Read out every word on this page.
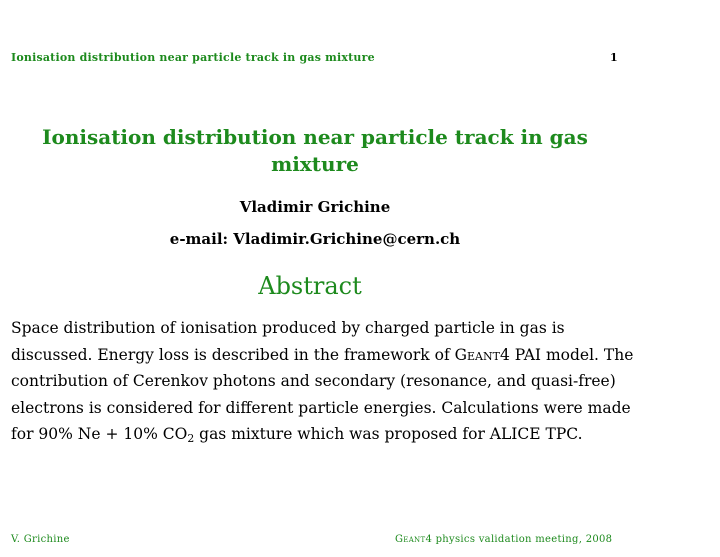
Ionisation distribution near particle track in gas mixture	1
Ionisation distribution near particle track in gas mixture
Vladimir Grichine
e-mail: Vladimir.Grichine@cern.ch
Abstract
Space distribution of ionisation produced by charged particle in gas is discussed. Energy loss is described in the framework of Geant4 PAI model. The contribution of Cerenkov photons and secondary (resonance, and quasi-free) electrons is considered for different particle energies. Calculations were made for 90% Ne + 10% $CO_2$ gas mixture which was proposed for ALICE TPC.
V. Grichine	Geant4 physics validation meeting, 2008
